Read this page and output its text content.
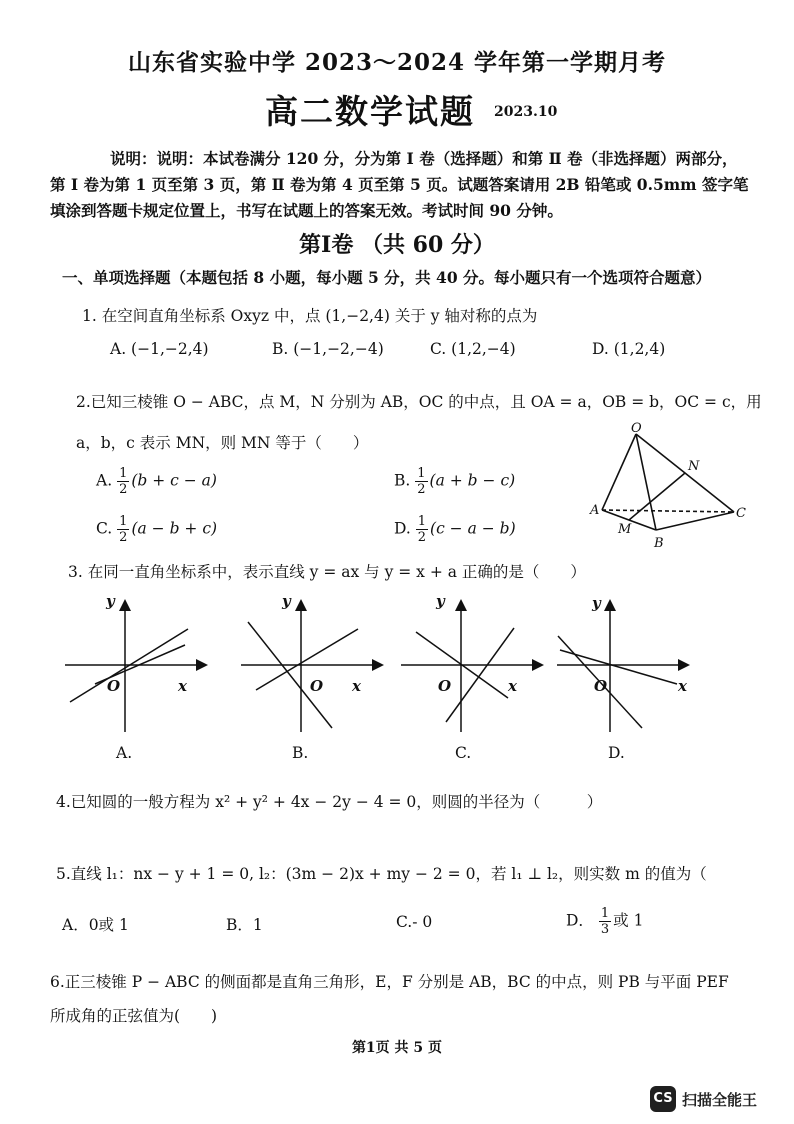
山东省实验中学 2023～2024 学年第一学期月考
高二数学试题 2023.10

说明：说明：本试卷满分 120 分，分为第 Ⅰ 卷（选择题）和第 Ⅱ 卷（非选择题）两部分，

第 Ⅰ 卷为第 1 页至第 3 页，第 Ⅱ 卷为第 4 页至第 5 页。试题答案请用 2B 铅笔或 0.5mm 签字笔

填涂到答题卡规定位置上，书写在试题上的答案无效。考试时间 90 分钟。

第Ⅰ卷 （共 60 分）
一、单项选择题（本题包括 8 小题，每小题 5 分，共 40 分。每小题只有一个选项符合题意）
1. 在空间直角坐标系 Oxyz 中，点 (1,−2,4) 关于 y 轴对称的点为
A. (−1,−2,4)	B. (−1,−2,−4)	C. (1,2,−4)	D. (1,2,4)
2.已知三棱锥 O − ABC，点 M，N 分别为 AB，OC 的中点，且 OA = a，OB = b，OC = c，用
a，b，c 表示 MN，则 MN 等于（　　）
A. $\frac{1}{2} (b + c - a)$	B. $\frac{1}{2} (a + b - c)$
C. $\frac{1}{2} (a - b + c)$	D. $\frac{1}{2} (c - a - b)$
O
N
A
M
B
C
3. 在同一直角坐标系中，表示直线 y = ax 与 y = x + a 正确的是（　　）
y
O	x
A.
y
O x
B.
y
O	x
C.
y
O	x
D.
4.已知圆的一般方程为 x² + y² + 4x − 2y − 4 = 0，则圆的半径为（　　　）
5.直线 l₁：nx − y + 1 = 0, l₂：(3m − 2)x + my − 2 = 0，若 l₁ ⊥ l₂，则实数 m 的值为（
A．0或 1	B．1	C.- 0	D． $\frac{1}{3}$ 或 1
6.正三棱锥 P − ABC 的侧面都是直角三角形，E，F 分别是 AB，BC 的中点，则 PB 与平面 PEF
所成角的正弦值为(　　)
第1页 共 5 页
CS 扫描全能王
